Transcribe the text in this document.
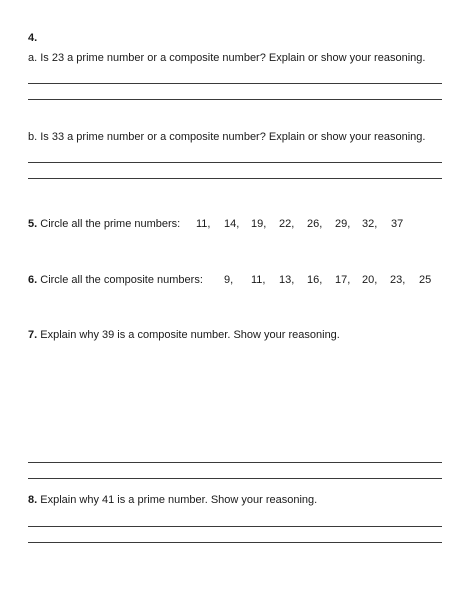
4.
a. Is 23 a prime number or a composite number? Explain or show your reasoning.
b. Is 33 a prime number or a composite number? Explain or show your reasoning.
5. Circle all the prime numbers: 11, 14, 19, 22, 26, 29, 32, 37
6. Circle all the composite numbers: 9, 11, 13, 16, 17, 20, 23, 25
7. Explain why 39 is a composite number. Show your reasoning.
8. Explain why 41 is a prime number. Show your reasoning.
